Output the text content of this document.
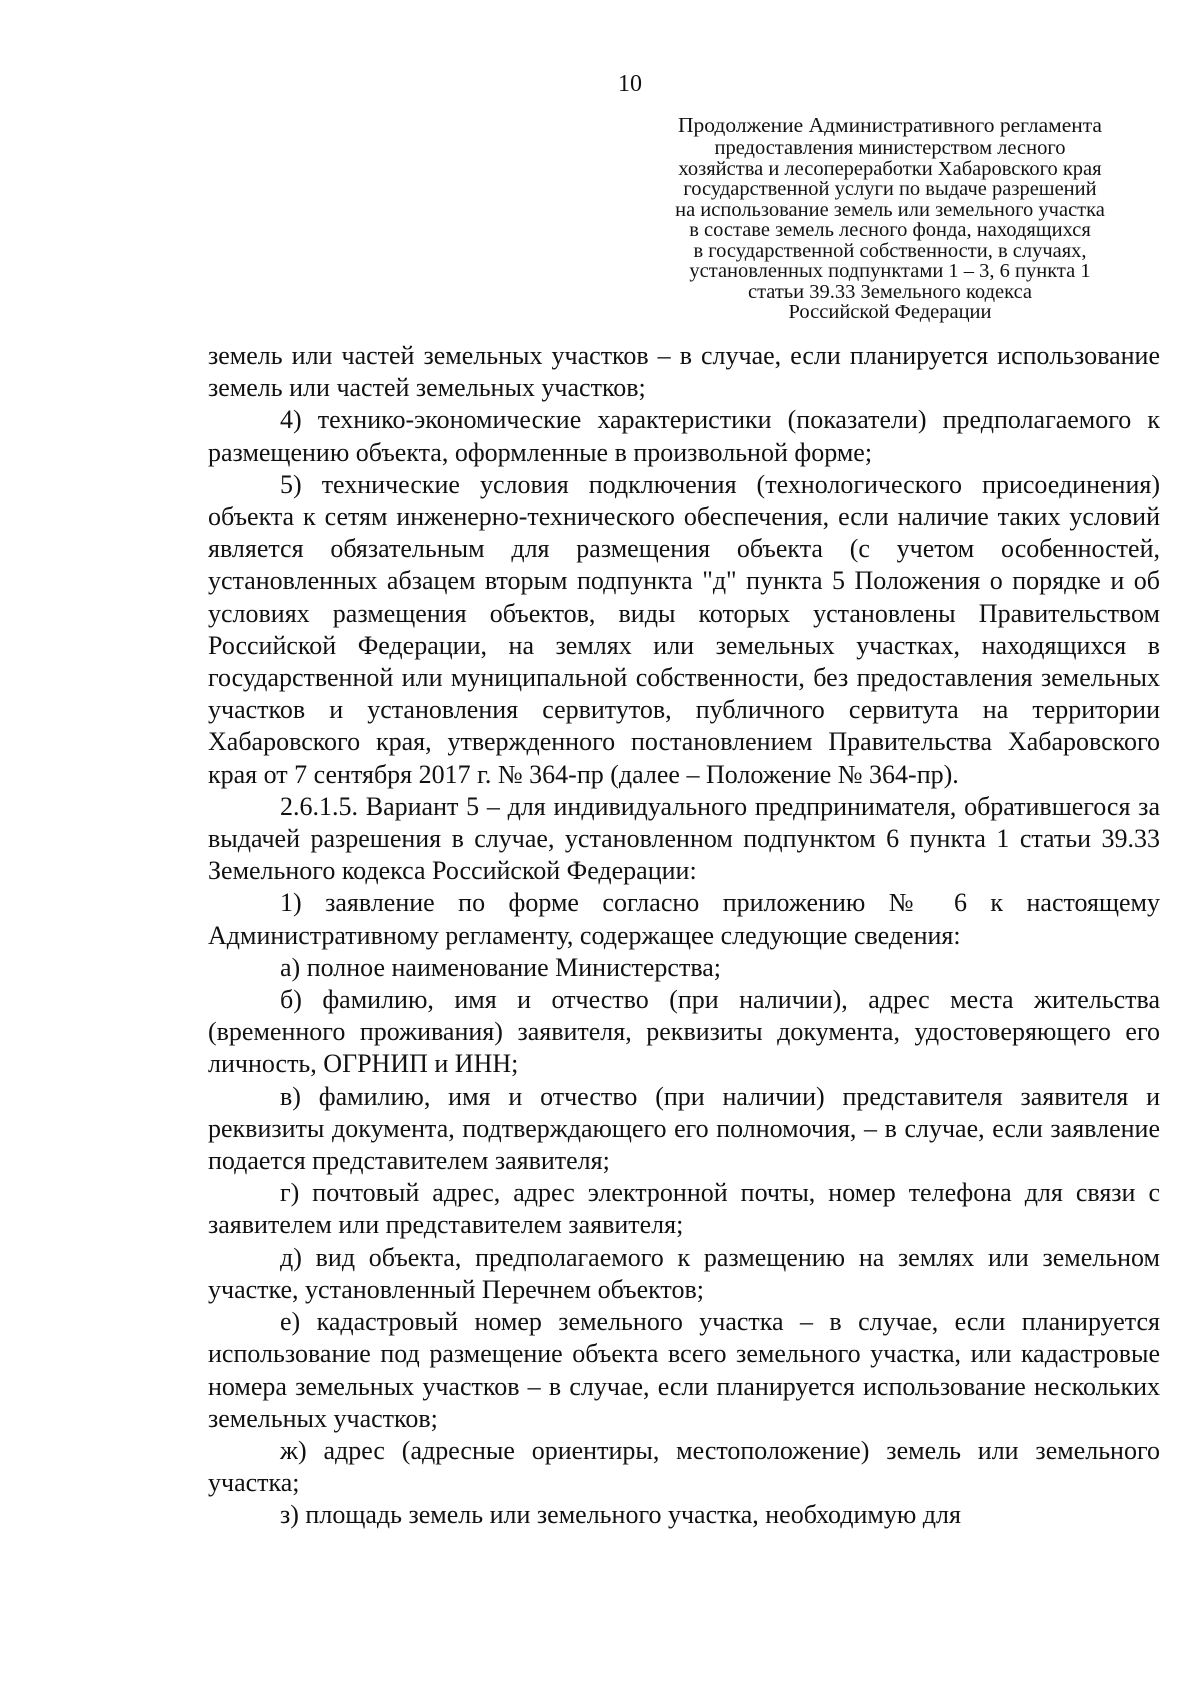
10
Продолжение Административного регламента
предоставления министерством лесного
хозяйства и лесопереработки Хабаровского края
государственной услуги по выдаче разрешений
на использование земель или земельного участка
в составе земель лесного фонда, находящихся
в государственной собственности, в случаях,
установленных подпунктами 1 – 3, 6 пункта 1
статьи 39.33 Земельного кодекса
Российской Федерации

земель или частей земельных участков – в случае, если планируется использование земель или частей земельных участков;

4) технико-экономические характеристики (показатели) предполагаемого к размещению объекта, оформленные в произвольной форме;

5) технические условия подключения (технологического присоединения) объекта к сетям инженерно-технического обеспечения, если наличие таких условий является обязательным для размещения объекта (с учетом особенностей, установленных абзацем вторым подпункта "д" пункта 5 Положения о порядке и об условиях размещения объектов, виды которых установлены Правительством Российской Федерации, на землях или земельных участках, находящихся в государственной или муниципальной собственности, без предоставления земельных участков и установления сервитутов, публичного сервитута на территории Хабаровского края, утвержденного постановлением Правительства Хабаровского края от 7 сентября 2017 г. № 364-пр (далее – Положение № 364-пр).

2.6.1.5. Вариант 5 – для индивидуального предпринимателя, обратившегося за выдачей разрешения в случае, установленном подпунктом 6 пункта 1 статьи 39.33 Земельного кодекса Российской Федерации:

1) заявление по форме согласно приложению № 6 к настоящему Административному регламенту, содержащее следующие сведения:

а) полное наименование Министерства;

б) фамилию, имя и отчество (при наличии), адрес места жительства (временного проживания) заявителя, реквизиты документа, удостоверяющего его личность, ОГРНИП и ИНН;

в) фамилию, имя и отчество (при наличии) представителя заявителя и реквизиты документа, подтверждающего его полномочия, – в случае, если заявление подается представителем заявителя;

г) почтовый адрес, адрес электронной почты, номер телефона для связи с заявителем или представителем заявителя;

д) вид объекта, предполагаемого к размещению на землях или земельном участке, установленный Перечнем объектов;

е) кадастровый номер земельного участка – в случае, если планируется использование под размещение объекта всего земельного участка, или кадастровые номера земельных участков – в случае, если планируется использование нескольких земельных участков;

ж) адрес (адресные ориентиры, местоположение) земель или земельного участка;

з) площадь земель или земельного участка, необходимую для
